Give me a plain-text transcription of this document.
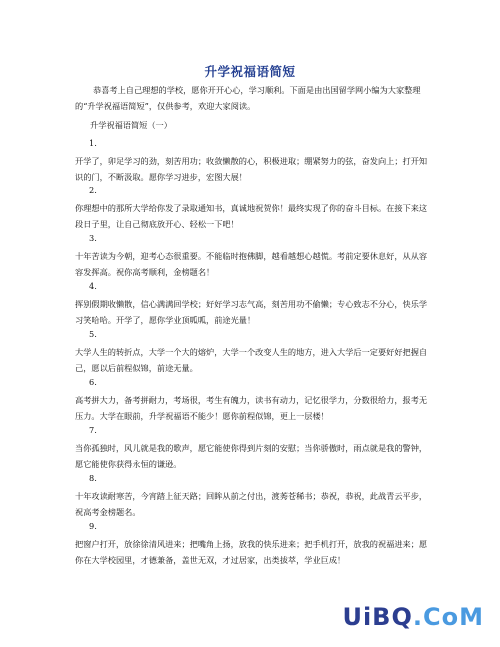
升学祝福语简短
恭喜考上自己理想的学校，愿你开开心心，学习顺利。下面是由出国留学网小编为大家整理的“升学祝福语简短”，仅供参考，欢迎大家阅读。
升学祝福语简短（一）
1.
开学了，卯足学习的劲，刻苦用功；收敛懒散的心，积极进取；绷紧努力的弦，奋发向上；打开知识的门，不断汲取。愿你学习进步，宏图大展！
2.
你理想中的那所大学给你发了录取通知书，真诚地祝贺你！最终实现了你的奋斗目标。在接下来这段日子里，让自己彻底放开心、轻松一下吧！
3.
十年苦读为今朝，迎考心态很重要。不能临时抱佛脚，越看越想心越慌。考前定要休息好，从从容容发挥高。祝你高考顺利，金榜题名！
4.
挥别假期收懒散，信心满满回学校；好好学习志气高，刻苦用功不偷懒；专心致志不分心，快乐学习笑哈哈。开学了，愿你学业顶呱呱，前途光量！
5.
大学人生的转折点，大学一个大的熔炉，大学一个改变人生的地方，进入大学后一定要好好把握自己，愿以后前程似锦，前途无量。
6.
高考拼大力，备考拼耐力，考场很，考生有魄力，读书有动力，记忆很学力，分数很给力，报考无压力。大学在眼前，升学祝福语不能少！愿你前程似锦，更上一层楼！
7.
当你孤独时，风儿就是我的歌声，愿它能使你得到片刻的安慰；当你骄傲时，雨点就是我的警钟，愿它能使你获得永恒的谦逊。
8.
十年攻读耐寒苦，今宵踏上征天路；回眸从前之付出，渡莠苍稀书；恭祝，恭祝，此战青云平步，祝高考金榜题名。
9.
把窗户打开，放徐徐清风进来；把嘴角上扬，放我的快乐进来；把手机打开，放我的祝福进来；愿你在大学校园里，才德兼备，盖世无双，才过居家，出类拔萃，学业巨成！
UiBQ.CoM
